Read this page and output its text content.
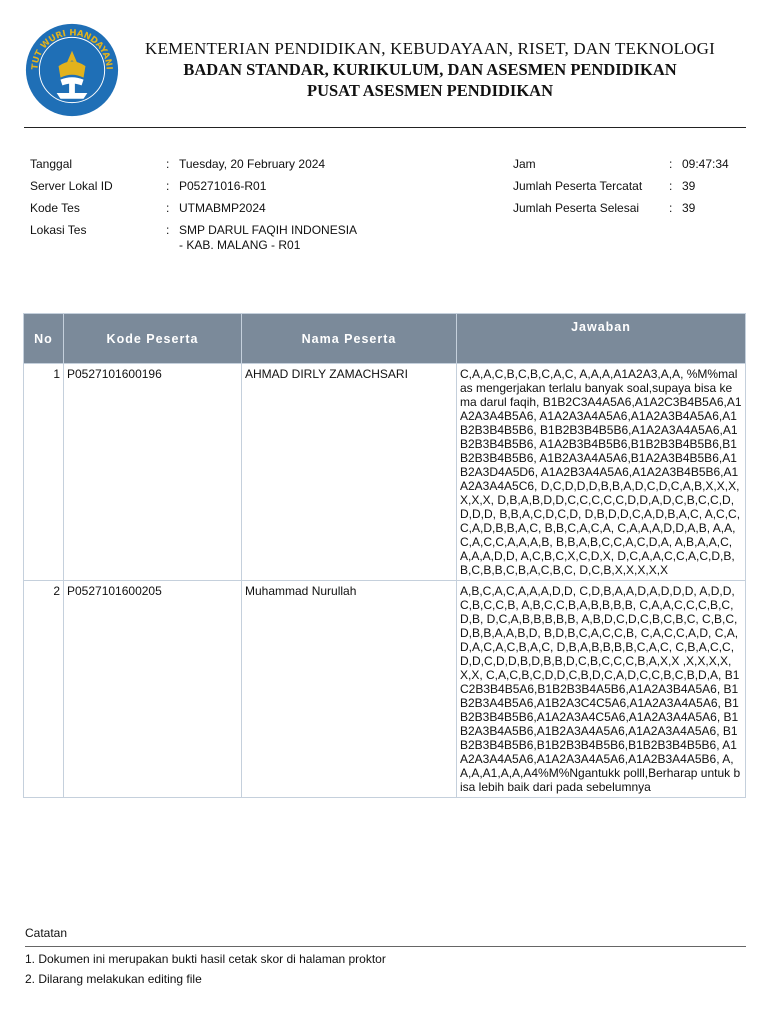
TUT WURI HANDAYANI
KEMENTERIAN PENDIDIKAN, KEBUDAYAAN, RISET, DAN TEKNOLOGI
BADAN STANDAR, KURIKULUM, DAN ASESMEN PENDIDIKAN
PUSAT ASESMEN PENDIDIKAN
Tanggal	: Tuesday, 20 February 2024
Server Lokal ID	: P05271016-R01
Kode Tes	: UTMABMP2024
Lokasi Tes	: SMP DARUL FAQIH INDONESIA - KAB. MALANG - R01
Jam	: 09:47:34
Jumlah Peserta Tercatat	: 39
Jumlah Peserta Selesai	: 39
No	Kode Peserta	Nama Peserta	Jawaban
1	P0527101600196	AHMAD DIRLY ZAMACHSARI	C,A,A,C,B,C,B,C,A,C, A,A,A,A1A2A3,A,A, %M%malas mengerjakan terlalu banyak soal,supaya bisa ke ma darul faqih, B1B2C3A4A5A6,A1A2C3B4B5A6,A1A2A3A4B5A6, A1A2A3A4A5A6,A1A2A3B4A5A6,A1B2B3B4B5B6, B1B2B3B4B5B6,A1A2A3A4A5A6,A1B2B3B4B5B6, A1A2B3B4B5B6,B1B2B3B4B5B6,B1B2B3B4B5B6, A1B2A3A4A5A6,B1A2A3B4B5B6,A1B2A3D4A5D6, A1A2B3A4A5A6,A1A2A3B4B5B6,A1A2A3A4A5C6, D,C,D,D,D,B,B,A,D,C,D,C,A,B,X,X,X,X,X,X, D,B,A,B,D,D,C,C,C,C,C,D,D,A,D,C,B,C,C,D,D,D,D, B,B,A,C,D,C,D, D,B,D,D,C,A,D,B,A,C, A,C,C,C,A,D,B,B,A,C, B,B,C,A,C,A, C,A,A,A,D,D,A,B, A,A,C,A,C,C,A,A,A,B, B,B,A,B,C,C,A,C,D,A, A,B,A,A,C,A,A,A,D,D, A,C,B,C,X,C,D,X, D,C,A,A,C,C,A,C,D,B, B,C,B,B,C,B,A,C,B,C, D,C,B,X,X,X,X,X
2	P0527101600205	Muhammad Nurullah	A,B,C,A,C,A,A,A,D,D, C,D,B,A,A,D,A,D,D,D, A,D,D,C,B,C,C,B, A,B,C,C,B,A,B,B,B,B, C,A,A,C,C,C,B,C,D,B, D,C,A,B,B,B,B,B, A,B,D,C,D,C,B,C,B,C, C,B,C,D,B,B,A,A,B,D, B,D,B,C,A,C,C,B, C,A,C,C,A,D, C,A,D,A,C,A,C,B,A,C, D,B,A,B,B,B,B,C,A,C, C,B,A,C,C,D,D,C,D,D,B,D,B,B,D,C,B,C,C,C,B,A,X,X ,X,X,X,X,X,X, C,A,C,B,C,D,D,C,B,D,C,A,D,C,C,B,C,B,D,A, B1C2B3B4B5A6,B1B2B3B4A5B6,A1A2A3B4A5A6, B1B2B3A4B5A6,A1B2A3C4C5A6,A1A2A3A4A5A6, B1B2B3B4B5B6,A1A2A3A4C5A6,A1A2A3A4A5A6, B1B2A3B4A5B6,A1B2A3A4A5A6,A1A2A3A4A5A6, B1B2B3B4B5B6,B1B2B3B4B5B6,B1B2B3B4B5B6, A1A2A3A4A5A6,A1A2A3A4A5A6,A1A2B3A4A5B6, A,A,A,A1,A,A,A4%M%Ngantukk polll,Berharap untuk bisa lebih baik dari pada sebelumnya
Catatan
1. Dokumen ini merupakan bukti hasil cetak skor di halaman proktor
2. Dilarang melakukan editing file
